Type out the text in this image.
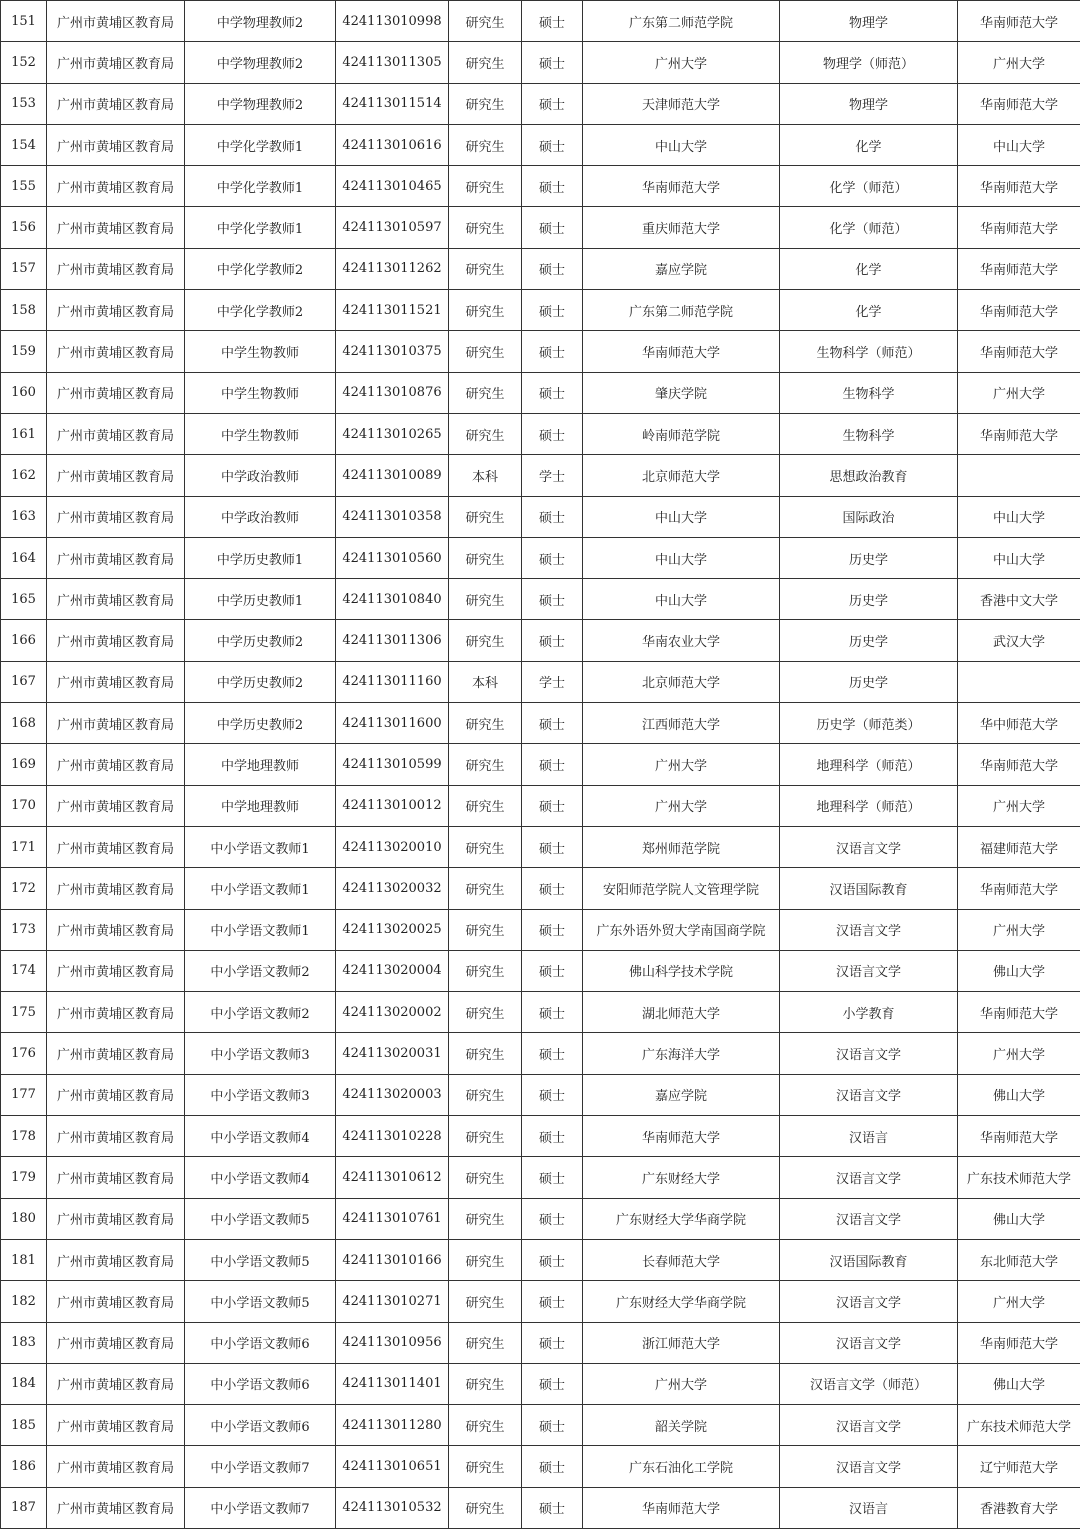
151	广州市黄埔区教育局	中学物理教师2	424113010998	研究生	硕士	广东第二师范学院	物理学	华南师范大学
152	广州市黄埔区教育局	中学物理教师2	424113011305	研究生	硕士	广州大学	物理学（师范）	广州大学
153	广州市黄埔区教育局	中学物理教师2	424113011514	研究生	硕士	天津师范大学	物理学	华南师范大学
154	广州市黄埔区教育局	中学化学教师1	424113010616	研究生	硕士	中山大学	化学	中山大学
155	广州市黄埔区教育局	中学化学教师1	424113010465	研究生	硕士	华南师范大学	化学（师范）	华南师范大学
156	广州市黄埔区教育局	中学化学教师1	424113010597	研究生	硕士	重庆师范大学	化学（师范）	华南师范大学
157	广州市黄埔区教育局	中学化学教师2	424113011262	研究生	硕士	嘉应学院	化学	华南师范大学
158	广州市黄埔区教育局	中学化学教师2	424113011521	研究生	硕士	广东第二师范学院	化学	华南师范大学
159	广州市黄埔区教育局	中学生物教师	424113010375	研究生	硕士	华南师范大学	生物科学（师范）	华南师范大学
160	广州市黄埔区教育局	中学生物教师	424113010876	研究生	硕士	肇庆学院	生物科学	广州大学
161	广州市黄埔区教育局	中学生物教师	424113010265	研究生	硕士	岭南师范学院	生物科学	华南师范大学
162	广州市黄埔区教育局	中学政治教师	424113010089	本科	学士	北京师范大学	思想政治教育	
163	广州市黄埔区教育局	中学政治教师	424113010358	研究生	硕士	中山大学	国际政治	中山大学
164	广州市黄埔区教育局	中学历史教师1	424113010560	研究生	硕士	中山大学	历史学	中山大学
165	广州市黄埔区教育局	中学历史教师1	424113010840	研究生	硕士	中山大学	历史学	香港中文大学
166	广州市黄埔区教育局	中学历史教师2	424113011306	研究生	硕士	华南农业大学	历史学	武汉大学
167	广州市黄埔区教育局	中学历史教师2	424113011160	本科	学士	北京师范大学	历史学	
168	广州市黄埔区教育局	中学历史教师2	424113011600	研究生	硕士	江西师范大学	历史学（师范类）	华中师范大学
169	广州市黄埔区教育局	中学地理教师	424113010599	研究生	硕士	广州大学	地理科学（师范）	华南师范大学
170	广州市黄埔区教育局	中学地理教师	424113010012	研究生	硕士	广州大学	地理科学（师范）	广州大学
171	广州市黄埔区教育局	中小学语文教师1	424113020010	研究生	硕士	郑州师范学院	汉语言文学	福建师范大学
172	广州市黄埔区教育局	中小学语文教师1	424113020032	研究生	硕士	安阳师范学院人文管理学院	汉语国际教育	华南师范大学
173	广州市黄埔区教育局	中小学语文教师1	424113020025	研究生	硕士	广东外语外贸大学南国商学院	汉语言文学	广州大学
174	广州市黄埔区教育局	中小学语文教师2	424113020004	研究生	硕士	佛山科学技术学院	汉语言文学	佛山大学
175	广州市黄埔区教育局	中小学语文教师2	424113020002	研究生	硕士	湖北师范大学	小学教育	华南师范大学
176	广州市黄埔区教育局	中小学语文教师3	424113020031	研究生	硕士	广东海洋大学	汉语言文学	广州大学
177	广州市黄埔区教育局	中小学语文教师3	424113020003	研究生	硕士	嘉应学院	汉语言文学	佛山大学
178	广州市黄埔区教育局	中小学语文教师4	424113010228	研究生	硕士	华南师范大学	汉语言	华南师范大学
179	广州市黄埔区教育局	中小学语文教师4	424113010612	研究生	硕士	广东财经大学	汉语言文学	广东技术师范大学
180	广州市黄埔区教育局	中小学语文教师5	424113010761	研究生	硕士	广东财经大学华商学院	汉语言文学	佛山大学
181	广州市黄埔区教育局	中小学语文教师5	424113010166	研究生	硕士	长春师范大学	汉语国际教育	东北师范大学
182	广州市黄埔区教育局	中小学语文教师5	424113010271	研究生	硕士	广东财经大学华商学院	汉语言文学	广州大学
183	广州市黄埔区教育局	中小学语文教师6	424113010956	研究生	硕士	浙江师范大学	汉语言文学	华南师范大学
184	广州市黄埔区教育局	中小学语文教师6	424113011401	研究生	硕士	广州大学	汉语言文学（师范）	佛山大学
185	广州市黄埔区教育局	中小学语文教师6	424113011280	研究生	硕士	韶关学院	汉语言文学	广东技术师范大学
186	广州市黄埔区教育局	中小学语文教师7	424113010651	研究生	硕士	广东石油化工学院	汉语言文学	辽宁师范大学
187	广州市黄埔区教育局	中小学语文教师7	424113010532	研究生	硕士	华南师范大学	汉语言	香港教育大学
